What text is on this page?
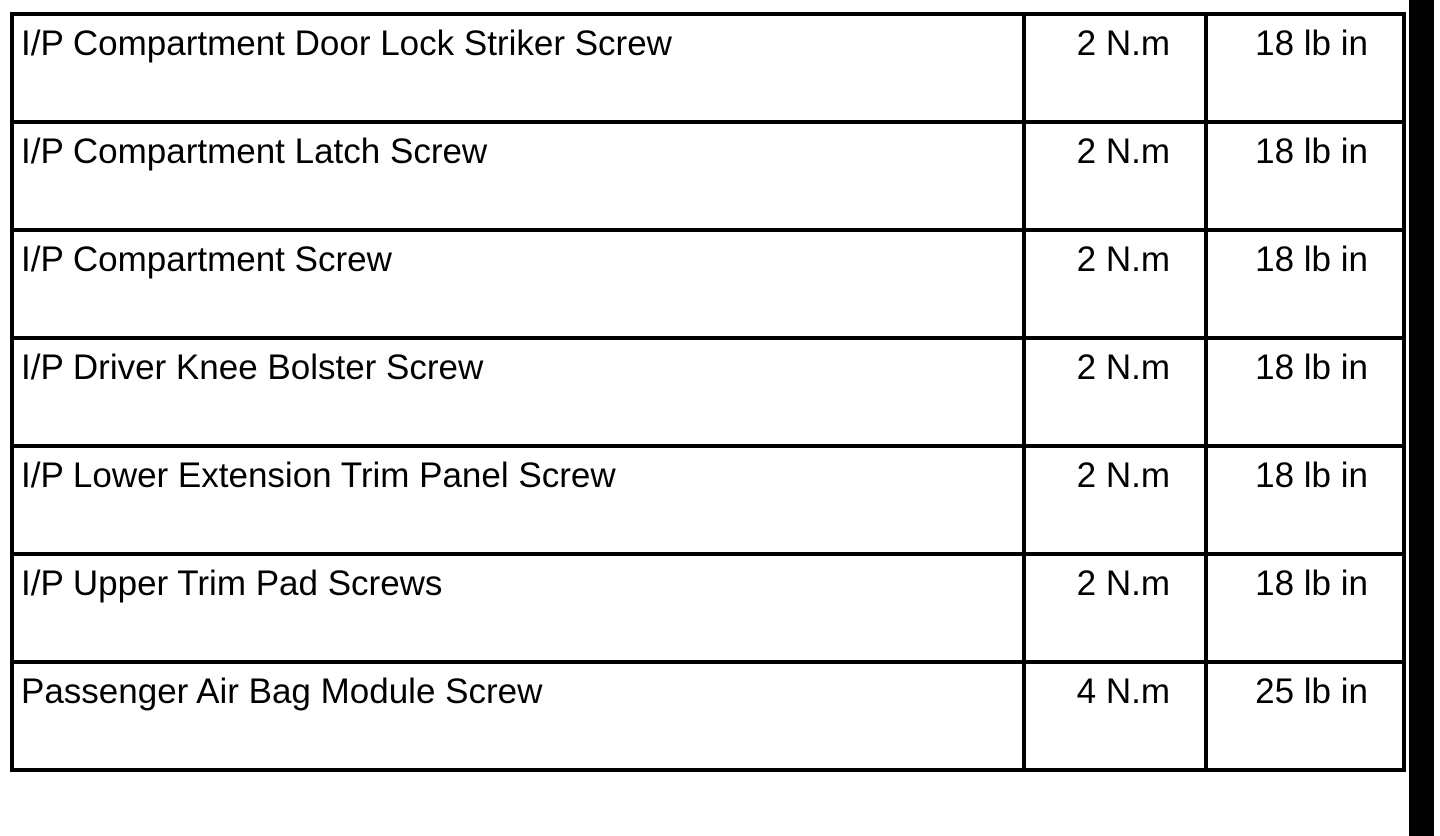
I/P Compartment Door Lock Striker Screw	2 N.m	18 lb in
I/P Compartment Latch Screw	2 N.m	18 lb in
I/P Compartment Screw	2 N.m	18 lb in
I/P Driver Knee Bolster Screw	2 N.m	18 lb in
I/P Lower Extension Trim Panel Screw	2 N.m	18 lb in
I/P Upper Trim Pad Screws	2 N.m	18 lb in
Passenger Air Bag Module Screw	4 N.m	25 lb in
